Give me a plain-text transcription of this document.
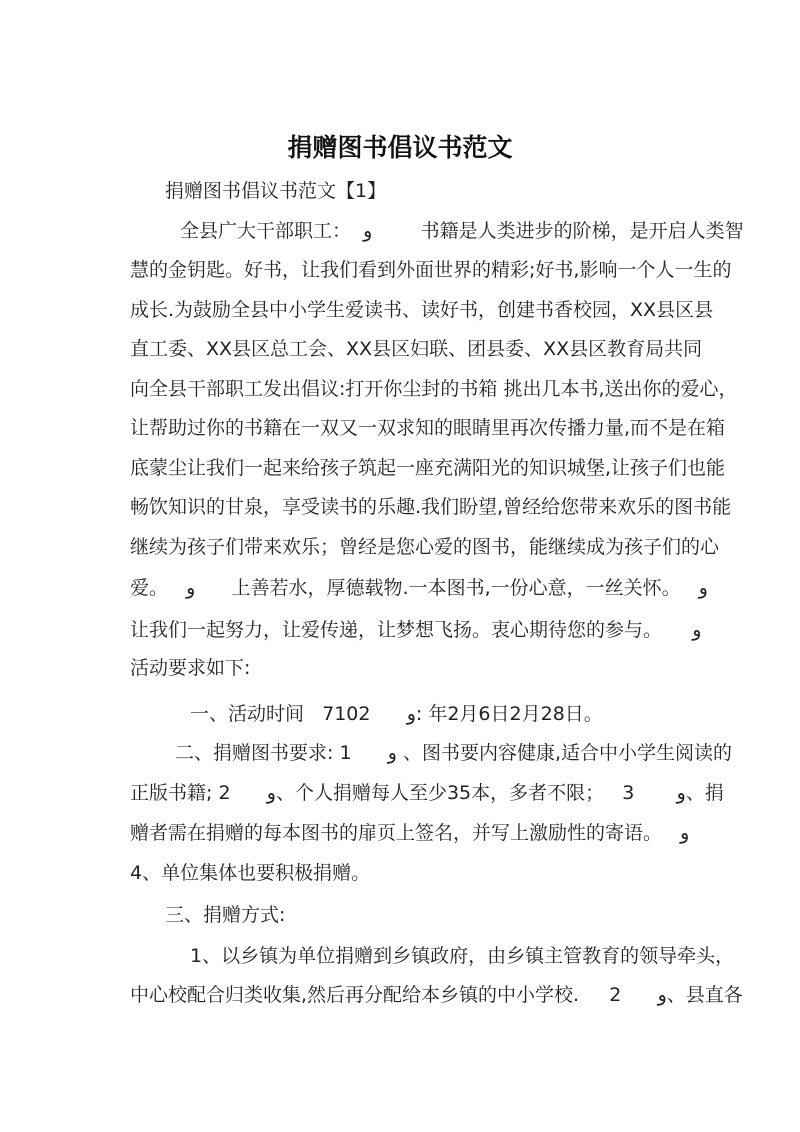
捐赠图书倡议书范文
捐赠图书倡议书范文【1】
全县广大干部职工：  و        书籍是人类进步的阶梯，是开启人类智
慧的金钥匙。好书，让我们看到外面世界的精彩;好书,影响一个人一生的
成长.为鼓励全县中小学生爱读书、读好书，创建书香校园，XX县区县
直工委、XX县区总工会、XX县区妇联、团县委、XX县区教育局共同
向全县干部职工发出倡议:打开你尘封的书箱 挑出几本书,送出你的爱心，
让帮助过你的书籍在一双又一双求知的眼睛里再次传播力量,而不是在箱
底蒙尘让我们一起来给孩子筑起一座充满阳光的知识城堡,让孩子们也能
畅饮知识的甘泉，享受读书的乐趣.我们盼望,曾经给您带来欢乐的图书能
继续为孩子们带来欢乐；曾经是您心爱的图书，能继续成为孩子们的心
爱。   و      上善若水，厚德载物.一本图书,一份心意，一丝关怀。   و
让我们一起努力，让爱传递，让梦想飞扬。衷心期待您的参与。     و
活动要求如下:
一、活动时间   و      7102: 年2月6日2月28日。
二、捐赠图书要求: و      1 、图书要内容健康,适合中小学生阅读的
正版书籍; و      2、个人捐赠每人至少35本，多者不限；   و       3、捐
赠者需在捐赠的每本图书的扉页上签名，并写上激励性的寄语。   و
4、单位集体也要积极捐赠。
三、捐赠方式:
1、以乡镇为单位捐赠到乡镇政府，由乡镇主管教育的领导牵头，
中心校配合归类收集,然后再分配给本乡镇的中小学校.     و      2、县直各
